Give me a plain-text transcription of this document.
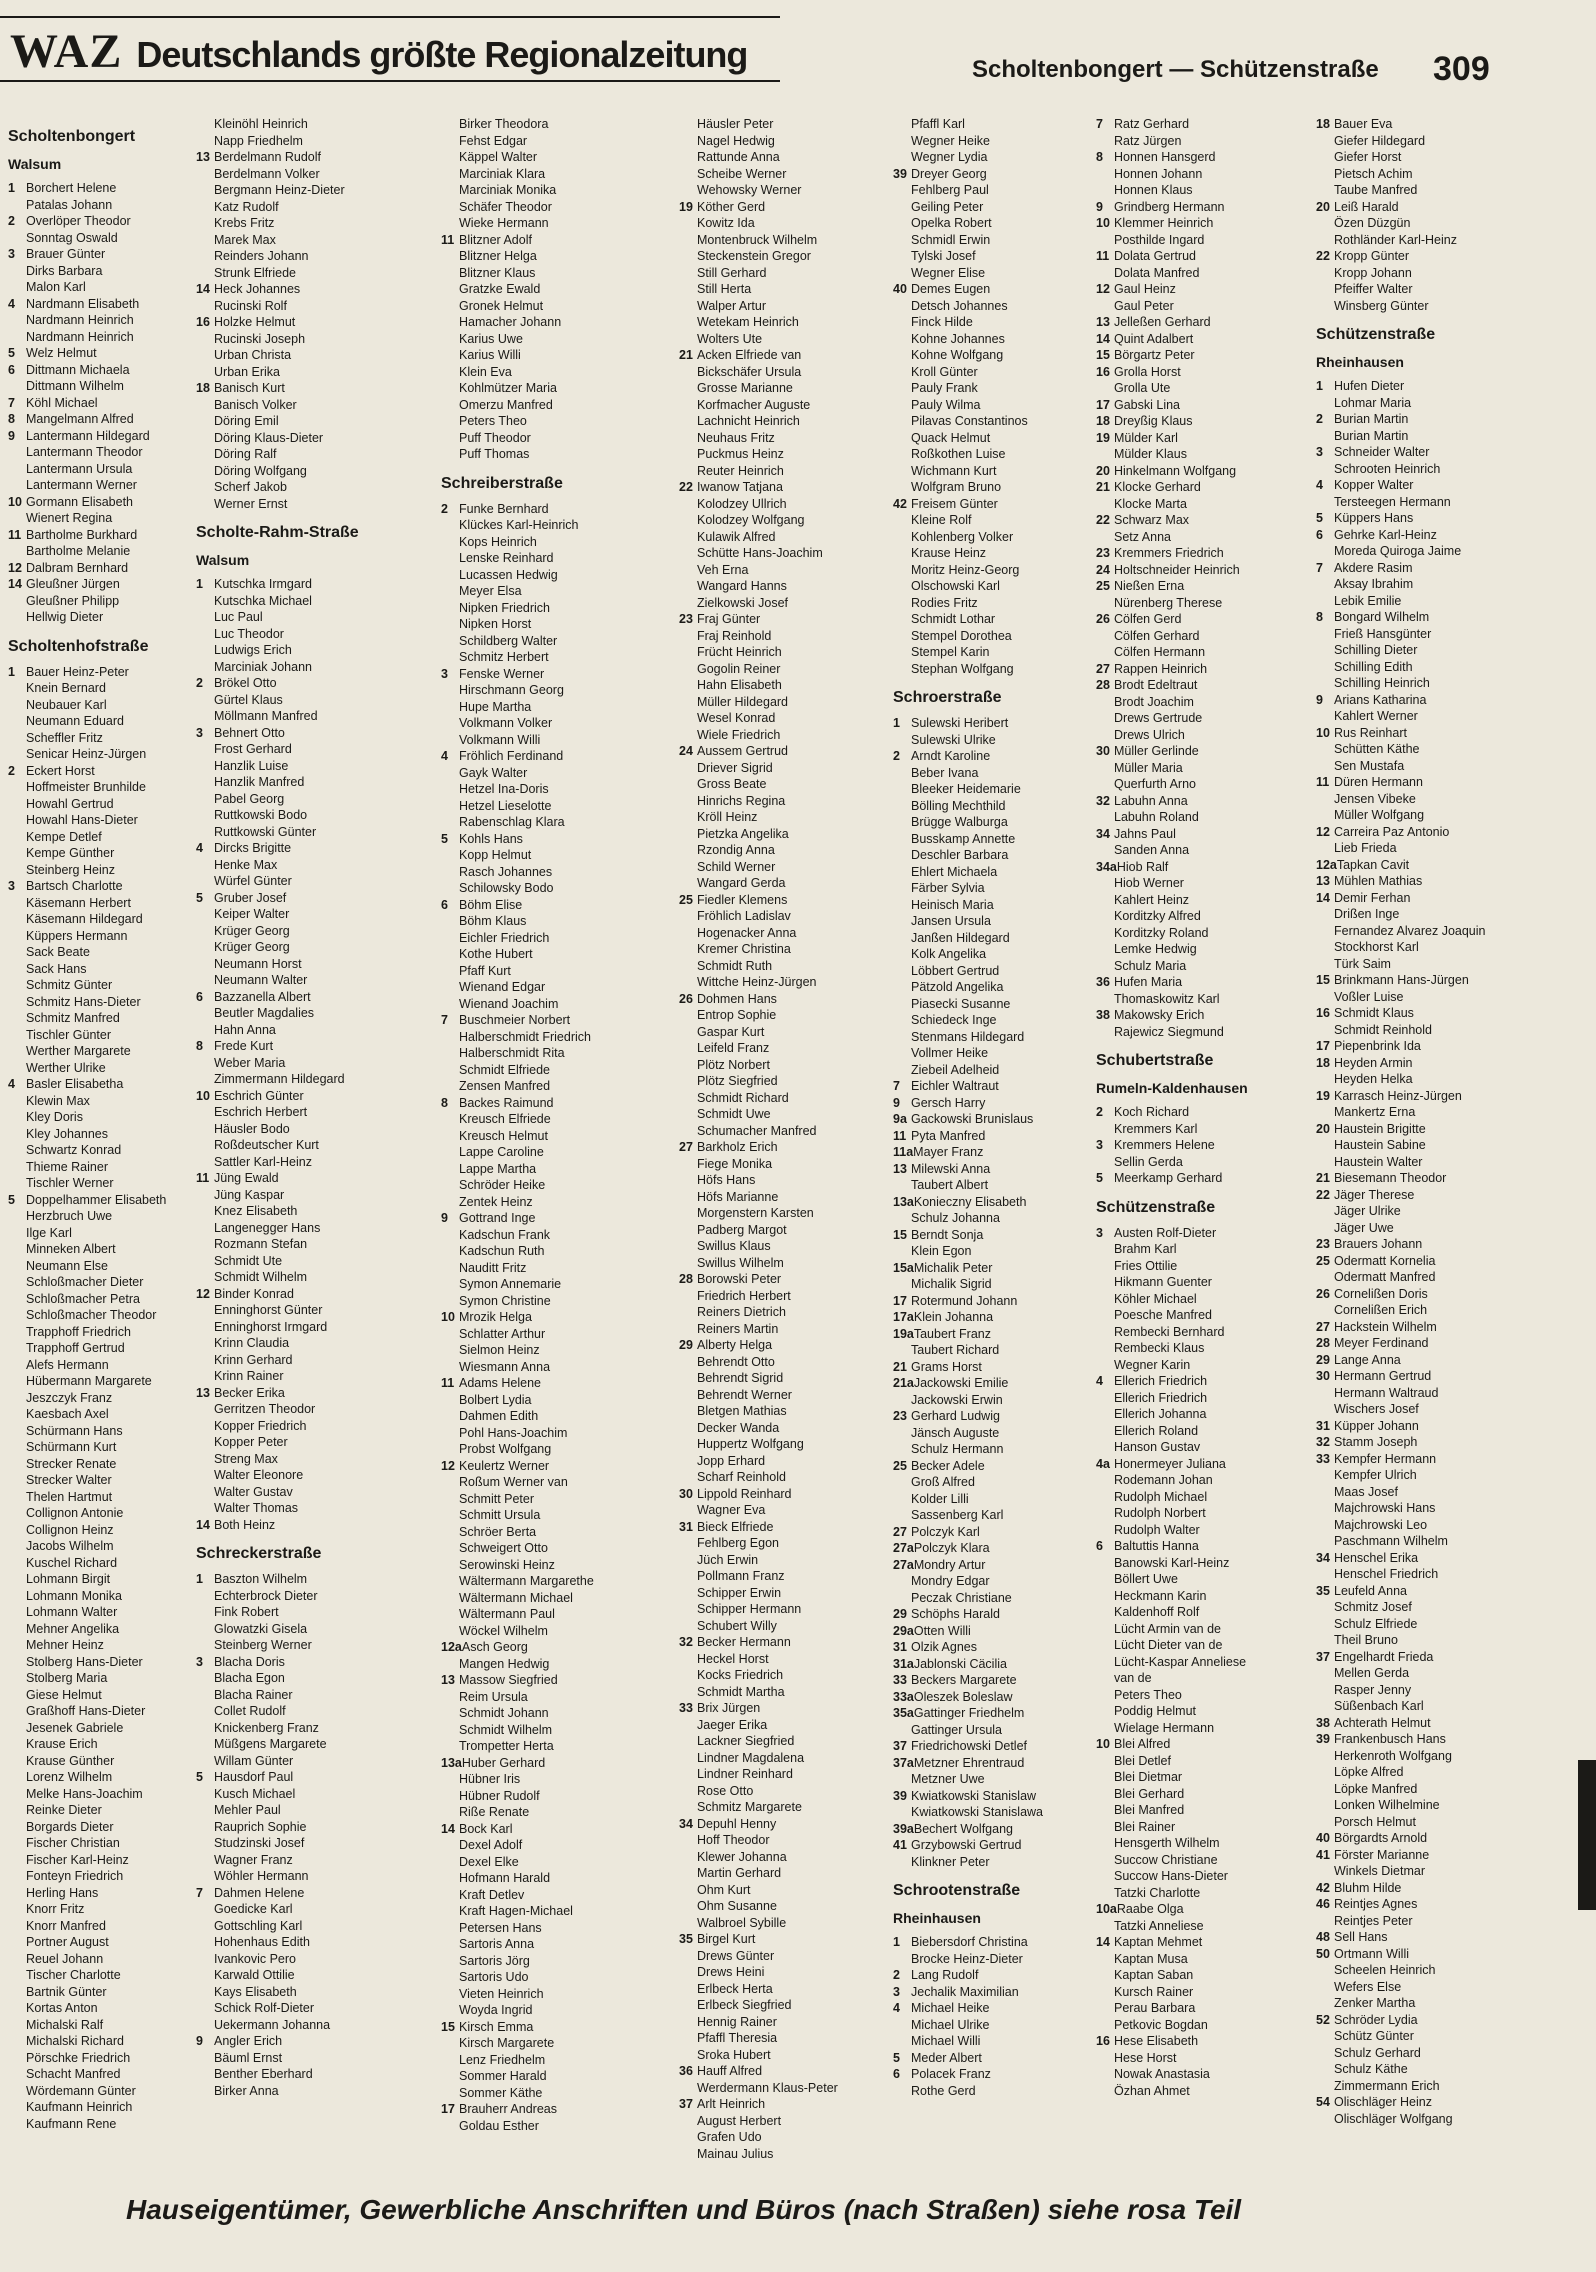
WAZ Deutschlands größte Regionalzeitung	Scholtenbongert — Schützenstraße 309
Scholtenbongert
Walsum
1 Borchert Helene
Patalas Johann
2 Overlöper Theodor
Sonntag Oswald
3 Brauer Günter
Dirks Barbara
Malon Karl
4 Nardmann Elisabeth
Nardmann Heinrich
Nardmann Heinrich
5 Welz Helmut
6 Dittmann Michaela
Dittmann Wilhelm
7 Köhl Michael
8 Mangelmann Alfred
9 Lantermann Hildegard
Lantermann Theodor
Lantermann Ursula
Lantermann Werner
10 Gormann Elisabeth
Wienert Regina
11 Bartholme Burkhard
Bartholme Melanie
12 Dalbram Bernhard
14 Gleußner Jürgen
Gleußner Philipp
Hellwig Dieter
Scholtenhofstraße
1 Bauer Heinz-Peter
Knein Bernard
Neubauer Karl
Neumann Eduard
Scheffler Fritz
Senicar Heinz-Jürgen
2 Eckert Horst
Hoffmeister Brunhilde
Howahl Gertrud
Howahl Hans-Dieter
Kempe Detlef
Kempe Günther
Steinberg Heinz
3 Bartsch Charlotte
Käsemann Herbert
Käsemann Hildegard
Küppers Hermann
Sack Beate
Sack Hans
Schmitz Günter
Schmitz Hans-Dieter
Schmitz Manfred
Tischler Günter
Werther Margarete
Werther Ulrike
4 Basler Elisabetha
Klewin Max
Kley Doris
Kley Johannes
Schwartz Konrad
Thieme Rainer
Tischler Werner
5 Doppelhammer Elisabeth
Herzbruch Uwe
Ilge Karl
Minneken Albert
Neumann Else
Schloßmacher Dieter
Schloßmacher Petra
Schloßmacher Theodor
Trapphoff Friedrich
Trapphoff Gertrud
Alefs Hermann
Hübermann Margarete
Jeszczyk Franz
Kaesbach Axel
Schürmann Hans
Schürmann Kurt
Strecker Renate
Strecker Walter
Thelen Hartmut
Collignon Antonie
Collignon Heinz
Jacobs Wilhelm
Kuschel Richard
Lohmann Birgit
Lohmann Monika
Lohmann Walter
Mehner Angelika
Mehner Heinz
Stolberg Hans-Dieter
Stolberg Maria
Giese Helmut
Graßhoff Hans-Dieter
Jesenek Gabriele
Krause Erich
Krause Günther
Lorenz Wilhelm
Melke Hans-Joachim
Reinke Dieter
Borgards Dieter
Fischer Christian
Fischer Karl-Heinz
Fonteyn Friedrich
Herling Hans
Knorr Fritz
Knorr Manfred
Portner August
Reuel Johann
Tischer Charlotte
Bartnik Günter
Kortas Anton
Michalski Ralf
Michalski Richard
Pörschke Friedrich
Schacht Manfred
Wördemann Günter
Kaufmann Heinrich
Kaufmann Rene
Kleinöhl Heinrich
Napp Friedhelm
13 Berdelmann Rudolf
Berdelmann Volker
Bergmann Heinz-Dieter
Katz Rudolf
Krebs Fritz
Marek Max
Reinders Johann
Strunk Elfriede
14 Heck Johannes
Rucinski Rolf
16 Holzke Helmut
Rucinski Joseph
Urban Christa
Urban Erika
18 Banisch Kurt
Banisch Volker
Döring Emil
Döring Klaus-Dieter
Döring Ralf
Döring Wolfgang
Scherf Jakob
Werner Ernst
Scholte-Rahm-Straße
Walsum
1 Kutschka Irmgard
Kutschka Michael
Luc Paul
Luc Theodor
Ludwigs Erich
Marciniak Johann
2 Brökel Otto
Gürtel Klaus
Möllmann Manfred
3 Behnert Otto
Frost Gerhard
Hanzlik Luise
Hanzlik Manfred
Pabel Georg
Ruttkowski Bodo
Ruttkowski Günter
4 Dircks Brigitte
Henke Max
Würfel Günter
5 Gruber Josef
Keiper Walter
Krüger Georg
Krüger Georg
Neumann Horst
Neumann Walter
6 Bazzanella Albert
Beutler Magdalies
Hahn Anna
8 Frede Kurt
Weber Maria
Zimmermann Hildegard
10 Eschrich Günter
Eschrich Herbert
Häusler Bodo
Roßdeutscher Kurt
Sattler Karl-Heinz
11 Jüng Ewald
Jüng Kaspar
Knez Elisabeth
Langenegger Hans
Rozmann Stefan
Schmidt Ute
Schmidt Wilhelm
12 Binder Konrad
Enninghorst Günter
Enninghorst Irmgard
Krinn Claudia
Krinn Gerhard
Krinn Rainer
13 Becker Erika
Gerritzen Theodor
Kopper Friedrich
Kopper Peter
Streng Max
Walter Eleonore
Walter Gustav
Walter Thomas
14 Both Heinz
Schreckerstraße
1 Baszton Wilhelm
Echterbrock Dieter
Fink Robert
Glowatzki Gisela
Steinberg Werner
3 Blacha Doris
Blacha Egon
Blacha Rainer
Collet Rudolf
Knickenberg Franz
Müßgens Margarete
Willam Günter
5 Hausdorf Paul
Kusch Michael
Mehler Paul
Rauprich Sophie
Studzinski Josef
Wagner Franz
Wöhler Hermann
7 Dahmen Helene
Goedicke Karl
Gottschling Karl
Hohenhaus Edith
Ivankovic Pero
Karwald Ottilie
Kays Elisabeth
Schick Rolf-Dieter
Uekermann Johanna
9 Angler Erich
Bäuml Ernst
Benther Eberhard
Birker Anna
Birker Theodora
Fehst Edgar
Käppel Walter
Marciniak Klara
Marciniak Monika
Schäfer Theodor
Wieke Hermann
11 Blitzner Adolf
Blitzner Helga
Blitzner Klaus
Gratzke Ewald
Gronek Helmut
Hamacher Johann
Karius Uwe
Karius Willi
Klein Eva
Kohlmützer Maria
Omerzu Manfred
Peters Theo
Puff Theodor
Puff Thomas
Schreiberstraße
2 Funke Bernhard
Klückes Karl-Heinrich
Kops Heinrich
Lenske Reinhard
Lucassen Hedwig
Meyer Elsa
Nipken Friedrich
Nipken Horst
Schildberg Walter
Schmitz Herbert
3 Fenske Werner
Hirschmann Georg
Hupe Martha
Volkmann Volker
Volkmann Willi
4 Fröhlich Ferdinand
Gayk Walter
Hetzel Ina-Doris
Hetzel Lieselotte
Rabenschlag Klara
5 Kohls Hans
Kopp Helmut
Rasch Johannes
Schilowsky Bodo
6 Böhm Elise
Böhm Klaus
Eichler Friedrich
Kothe Hubert
Pfaff Kurt
Wienand Edgar
Wienand Joachim
7 Buschmeier Norbert
Halberschmidt Friedrich
Halberschmidt Rita
Schmidt Elfriede
Zensen Manfred
8 Backes Raimund
Kreusch Elfriede
Kreusch Helmut
Lappe Caroline
Lappe Martha
Schröder Heike
Zentek Heinz
9 Gottrand Inge
Kadschun Frank
Kadschun Ruth
Nauditt Fritz
Symon Annemarie
Symon Christine
10 Mrozik Helga
Schlatter Arthur
Sielmon Heinz
Wiesmann Anna
11 Adams Helene
Bolbert Lydia
Dahmen Edith
Pohl Hans-Joachim
Probst Wolfgang
12 Keulertz Werner
Roßum Werner van
Schmitt Peter
Schmitt Ursula
Schröer Berta
Schweigert Otto
Serowinski Heinz
Wältermann Margarethe
Wältermann Michael
Wältermann Paul
Wöckel Wilhelm
12aAsch Georg
Mangen Hedwig
13 Massow Siegfried
Reim Ursula
Schmidt Johann
Schmidt Wilhelm
Trompetter Herta
13aHuber Gerhard
Hübner Iris
Hübner Rudolf
Rißе Renate
14 Bock Karl
Dexel Adolf
Dexel Elke
Hofmann Harald
Kraft Detlev
Kraft Hagen-Michael
Petersen Hans
Sartoris Anna
Sartoris Jörg
Sartoris Udo
Vieten Heinrich
Woyda Ingrid
15 Kirsch Emma
Kirsch Margarete
Lenz Friedhelm
Sommer Harald
Sommer Käthe
17 Brauherr Andreas
Goldau Esther
Häusler Peter
Nagel Hedwig
Rattunde Anna
Scheibe Werner
Wehowsky Werner
19 Köther Gerd
Kowitz Ida
Montenbruck Wilhelm
Steckenstein Gregor
Still Gerhard
Still Herta
Walper Artur
Wetekam Heinrich
Wolters Ute
21 Acken Elfriede van
Bickschäfer Ursula
Grosse Marianne
Korfmacher Auguste
Lachnicht Heinrich
Neuhaus Fritz
Puckmus Heinz
Reuter Heinrich
22 Iwanow Tatjana
Kolodzey Ullrich
Kolodzey Wolfgang
Kulawik Alfred
Schütte Hans-Joachim
Veh Erna
Wangard Hanns
Zielkowski Josef
23 Fraj Günter
Fraj Reinhold
Frücht Heinrich
Gogolin Reiner
Hahn Elisabeth
Müller Hildegard
Wesel Konrad
Wiele Friedrich
24 Aussem Gertrud
Driever Sigrid
Gross Beate
Hinrichs Regina
Kröll Heinz
Pietzka Angelika
Rzondig Anna
Schild Werner
Wangard Gerda
25 Fiedler Klemens
Fröhlich Ladislav
Hogenacker Anna
Kremer Christina
Schmidt Ruth
Wittche Heinz-Jürgen
26 Dohmen Hans
Entrop Sophie
Gaspar Kurt
Leifeld Franz
Plötz Norbert
Plötz Siegfried
Schmidt Richard
Schmidt Uwe
Schumacher Manfred
27 Barkholz Erich
Fiege Monika
Höfs Hans
Höfs Marianne
Morgenstern Karsten
Padberg Margot
Swillus Klaus
Swillus Wilhelm
28 Borowski Peter
Friedrich Herbert
Reiners Dietrich
Reiners Martin
29 Alberty Helga
Behrendt Otto
Behrendt Sigrid
Behrendt Werner
Bletgen Mathias
Decker Wanda
Huppertz Wolfgang
Jopp Erhard
Scharf Reinhold
30 Lippold Reinhard
Wagner Eva
31 Bieck Elfriede
Fehlberg Egon
Jüch Erwin
Pollmann Franz
Schipper Erwin
Schipper Hermann
Schubert Willy
32 Becker Hermann
Heckel Horst
Kocks Friedrich
Schmidt Martha
33 Brix Jürgen
Jaeger Erika
Lackner Siegfried
Lindner Magdalena
Lindner Reinhard
Rose Otto
Schmitz Margarete
34 Depuhl Henny
Hoff Theodor
Klewer Johanna
Martin Gerhard
Ohm Kurt
Ohm Susanne
Walbroel Sybille
35 Birgel Kurt
Drews Günter
Drews Heini
Erlbeck Herta
Erlbeck Siegfried
Hennig Rainer
Pfaffl Theresia
Sroka Hubert
36 Hauff Alfred
Werdermann Klaus-Peter
37 Arlt Heinrich
August Herbert
Grafen Udo
Mainau Julius
Pfaffl Karl
Wegner Heike
Wegner Lydia
39 Dreyer Georg
Fehlberg Paul
Geiling Peter
Opelka Robert
Schmidl Erwin
Tylski Josef
Wegner Elise
40 Demes Eugen
Detsch Johannes
Finck Hilde
Kohne Johannes
Kohne Wolfgang
Kroll Günter
Pauly Frank
Pauly Wilma
Pilavas Constantinos
Quack Helmut
Roßkothen Luise
Wichmann Kurt
Wolfgram Bruno
42 Freisem Günter
Kleine Rolf
Kohlenberg Volker
Krause Heinz
Moritz Heinz-Georg
Olschowski Karl
Rodies Fritz
Schmidt Lothar
Stempel Dorothea
Stempel Karin
Stephan Wolfgang
Schroerstraße
1 Sulewski Heribert
Sulewski Ulrike
2 Arndt Karoline
Beber Ivana
Bleeker Heidemarie
Bölling Mechthild
Brügge Walburga
Busskamp Annette
Deschler Barbara
Ehlert Michaela
Färber Sylvia
Heinisch Maria
Jansen Ursula
Janßen Hildegard
Kolk Angelika
Löbbert Gertrud
Pätzold Angelika
Piasecki Susanne
Schiedeck Inge
Stenmans Hildegard
Vollmer Heike
Ziebeil Adelheid
7 Eichler Waltraut
9 Gersch Harry
9a Gackowski Brunislaus
11 Pyta Manfred
11aMayer Franz
13 Milewski Anna
Taubert Albert
13aKonieczny Elisabeth
Schulz Johanna
15 Berndt Sonja
Klein Egon
15aMichalik Peter
Michalik Sigrid
17 Rotermund Johann
17aKlein Johanna
19aTaubert Franz
Taubert Richard
21 Grams Horst
21aJackowski Emilie
Jackowski Erwin
23 Gerhard Ludwig
Jänsch Auguste
Schulz Hermann
25 Becker Adele
Groß Alfred
Kolder Lilli
Sassenberg Karl
27 Polczyk Karl
27aPolczyk Klara
27aMondry Artur
Mondry Edgar
Peczak Christiane
29 Schöphs Harald
29aOtten Willi
31 Olzik Agnes
31aJablonski Cäcilia
33 Beckers Margarete
33aOleszek Boleslaw
35aGattinger Friedhelm
Gattinger Ursula
37 Friedrichowski Detlef
37aMetzner Ehrentraud
Metzner Uwe
39 Kwiatkowski Stanislaw
Kwiatkowski Stanislawa
39aBechert Wolfgang
41 Grzybowski Gertrud
Klinkner Peter
Schrootenstraße
Rheinhausen
1 Biebersdorf Christina
Brocke Heinz-Dieter
2 Lang Rudolf
3 Jechalik Maximilian
4 Michael Heike
Michael Ulrike
Michael Willi
5 Meder Albert
6 Polacek Franz
Rothe Gerd
7 Ratz Gerhard
Ratz Jürgen
8 Honnen Hansgerd
Honnen Johann
Honnen Klaus
9 Grindberg Hermann
10 Klemmer Heinrich
Posthilde Ingard
11 Dolata Gertrud
Dolata Manfred
12 Gaul Heinz
Gaul Peter
13 Jelleßen Gerhard
14 Quint Adalbert
15 Börgartz Peter
16 Grolla Horst
Grolla Ute
17 Gabski Lina
18 Dreyßig Klaus
19 Mülder Karl
Mülder Klaus
20 Hinkelmann Wolfgang
21 Klocke Gerhard
Klocke Marta
22 Schwarz Max
Setz Anna
23 Kremmers Friedrich
24 Holtschneider Heinrich
25 Nießen Erna
Nürenberg Therese
26 Cölfen Gerd
Cölfen Gerhard
Cölfen Hermann
27 Rappen Heinrich
28 Brodt Edeltraut
Brodt Joachim
Drews Gertrude
Drews Ulrich
30 Müller Gerlinde
Müller Maria
Querfurth Arno
32 Labuhn Anna
Labuhn Roland
34 Jahns Paul
Sanden Anna
34aHiob Ralf
Hiob Werner
Kahlert Heinz
Korditzky Alfred
Korditzky Roland
Lemke Hedwig
Schulz Maria
36 Hufen Maria
Thomaskowitz Karl
38 Makowsky Erich
Rajewicz Siegmund
Schubertstraße
Rumeln-Kaldenhausen
2 Koch Richard
Kremmers Karl
3 Kremmers Helene
Sellin Gerda
5 Meerkamp Gerhard
Schützenstraße
3 Austen Rolf-Dieter
Brahm Karl
Fries Ottilie
Hikmann Guenter
Köhler Michael
Poesche Manfred
Rembecki Bernhard
Rembecki Klaus
Wegner Karin
4 Ellerich Friedrich
Ellerich Friedrich
Ellerich Johanna
Ellerich Roland
Hanson Gustav
4a Honermeyer Juliana
Rodemann Johan
Rudolph Michael
Rudolph Norbert
Rudolph Walter
6 Baltuttis Hanna
Banowski Karl-Heinz
Böllert Uwe
Heckmann Karin
Kaldenhoff Rolf
Lücht Armin van de
Lücht Dieter van de
Lücht-Kaspar Anneliese
van de
Peters Theo
Poddig Helmut
Wielage Hermann
10 Blei Alfred
Blei Detlef
Blei Dietmar
Blei Gerhard
Blei Manfred
Blei Rainer
Hensgerth Wilhelm
Succow Christiane
Succow Hans-Dieter
Tatzki Charlotte
10aRaabe Olga
Tatzki Anneliese
14 Kaptan Mehmet
Kaptan Musa
Kaptan Saban
Kursch Rainer
Perau Barbara
Petkovic Bogdan
16 Hese Elisabeth
Hese Horst
Nowak Anastasia
Özhan Ahmet
18 Bauer Eva
Giefer Hildegard
Giefer Horst
Pietsch Achim
Taube Manfred
20 Leiß Harald
Özen Düzgün
Rothländer Karl-Heinz
22 Kropp Günter
Kropp Johann
Pfeiffer Walter
Winsberg Günter
Schützenstraße
Rheinhausen
1 Hufen Dieter
Lohmar Maria
2 Burian Martin
Burian Martin
3 Schneider Walter
Schrooten Heinrich
4 Kopper Walter
Tersteegen Hermann
5 Küppers Hans
6 Gehrke Karl-Heinz
Moreda Quiroga Jaime
7 Akdere Rasim
Aksay Ibrahim
Lebik Emilie
8 Bongard Wilhelm
Frieß Hansgünter
Schilling Dieter
Schilling Edith
Schilling Heinrich
9 Arians Katharina
Kahlert Werner
10 Rus Reinhart
Schütten Käthe
Sen Mustafa
11 Düren Hermann
Jensen Vibeke
Müller Wolfgang
12 Carreira Paz Antonio
Lieb Frieda
12aTapkan Cavit
13 Mühlen Mathias
14 Demir Ferhan
Drißen Inge
Fernandez Alvarez Joaquin
Stockhorst Karl
Türk Saim
15 Brinkmann Hans-Jürgen
Voßler Luise
16 Schmidt Klaus
Schmidt Reinhold
17 Piepenbrink Ida
18 Heyden Armin
Heyden Helka
19 Karrasch Heinz-Jürgen
Mankertz Erna
20 Haustein Brigitte
Haustein Sabine
Haustein Walter
21 Biesemann Theodor
22 Jäger Therese
Jäger Ulrike
Jäger Uwe
23 Brauers Johann
25 Odermatt Kornelia
Odermatt Manfred
26 Cornelißen Doris
Cornelißen Erich
27 Hackstein Wilhelm
28 Meyer Ferdinand
29 Lange Anna
30 Hermann Gertrud
Hermann Waltraud
Wischers Josef
31 Küpper Johann
32 Stamm Joseph
33 Kempfer Hermann
Kempfer Ulrich
Maas Josef
Majchrowski Hans
Majchrowski Leo
Paschmann Wilhelm
34 Henschel Erika
Henschel Friedrich
35 Leufeld Anna
Schmitz Josef
Schulz Elfriede
Theil Bruno
37 Engelhardt Frieda
Mellen Gerda
Rasper Jenny
Süßenbach Karl
38 Achterath Helmut
39 Frankenbusch Hans
Herkenroth Wolfgang
Löpke Alfred
Löpke Manfred
Lonken Wilhelmine
Porsch Helmut
40 Börgardts Arnold
41 Förster Marianne
Winkels Dietmar
42 Bluhm Hilde
46 Reintjes Agnes
Reintjes Peter
48 Sell Hans
50 Ortmann Willi
Scheelen Heinrich
Wefers Else
Zenker Martha
52 Schröder Lydia
Schütz Günter
Schulz Gerhard
Schulz Käthe
Zimmermann Erich
54 Olischläger Heinz
Olischläger Wolfgang
Hauseigentümer, Gewerbliche Anschriften und Büros (nach Straßen) siehe rosa Teil
